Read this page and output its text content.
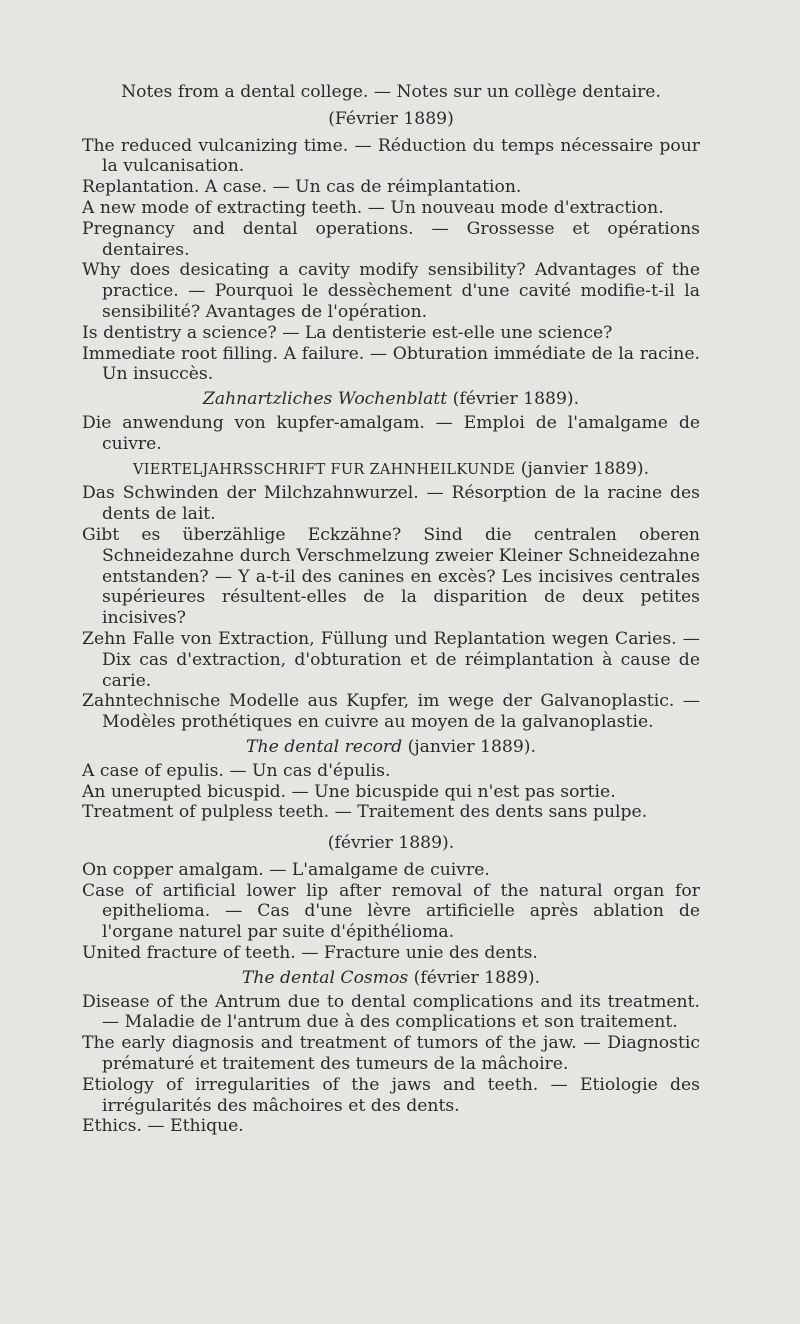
Notes from a dental college. — Notes sur un collège dentaire.

(Février 1889)

The reduced vulcanizing time. — Réduction du temps nécessaire pour la vulcanisation.

Replantation. A case. — Un cas de réimplantation.

A new mode of extracting teeth. — Un nouveau mode d'extraction.

Pregnancy and dental operations. — Grossesse et opérations dentaires.

Why does desicating a cavity modify sensibility? Advantages of the practice. — Pourquoi le dessèchement d'une cavité modifie-t-il la sensibilité? Avantages de l'opération.

Is dentistry a science? — La dentisterie est-elle une science?

Immediate root filling. A failure. — Obturation immédiate de la racine. Un insuccès.

Zahnartzliches Wochenblatt (février 1889).

Die anwendung von kupfer-amalgam. — Emploi de l'amalgame de cuivre.

VIERTELJAHRSSCHRIFT FUR ZAHNHEILKUNDE (janvier 1889).

Das Schwinden der Milchzahnwurzel. — Résorption de la racine des dents de lait.

Gibt es überzählige Eckzähne? Sind die centralen oberen Schneidezahne durch Verschmelzung zweier Kleiner Schneidezahne entstanden? — Y a-t-il des canines en excès? Les incisives centrales supérieures résultent-elles de la disparition de deux petites incisives?

Zehn Falle von Extraction, Füllung und Replantation wegen Caries. — Dix cas d'extraction, d'obturation et de réimplantation à cause de carie.

Zahntechnische Modelle aus Kupfer, im wege der Galvanoplastic. — Modèles prothétiques en cuivre au moyen de la galvanoplastie.

The dental record (janvier 1889).

A case of epulis. — Un cas d'épulis.

An unerupted bicuspid. — Une bicuspide qui n'est pas sortie.

Treatment of pulpless teeth. — Traitement des dents sans pulpe.

(février 1889).

On copper amalgam. — L'amalgame de cuivre.

Case of artificial lower lip after removal of the natural organ for epithelioma. — Cas d'une lèvre artificielle après ablation de l'organe naturel par suite d'épithélioma.

United fracture of teeth. — Fracture unie des dents.

The dental Cosmos (février 1889).

Disease of the Antrum due to dental complications and its treatment. — Maladie de l'antrum due à des complications et son traitement.

The early diagnosis and treatment of tumors of the jaw. — Diagnostic prématuré et traitement des tumeurs de la mâchoire.

Etiology of irregularities of the jaws and teeth. — Etiologie des irrégularités des mâchoires et des dents.

Ethics. — Ethique.
